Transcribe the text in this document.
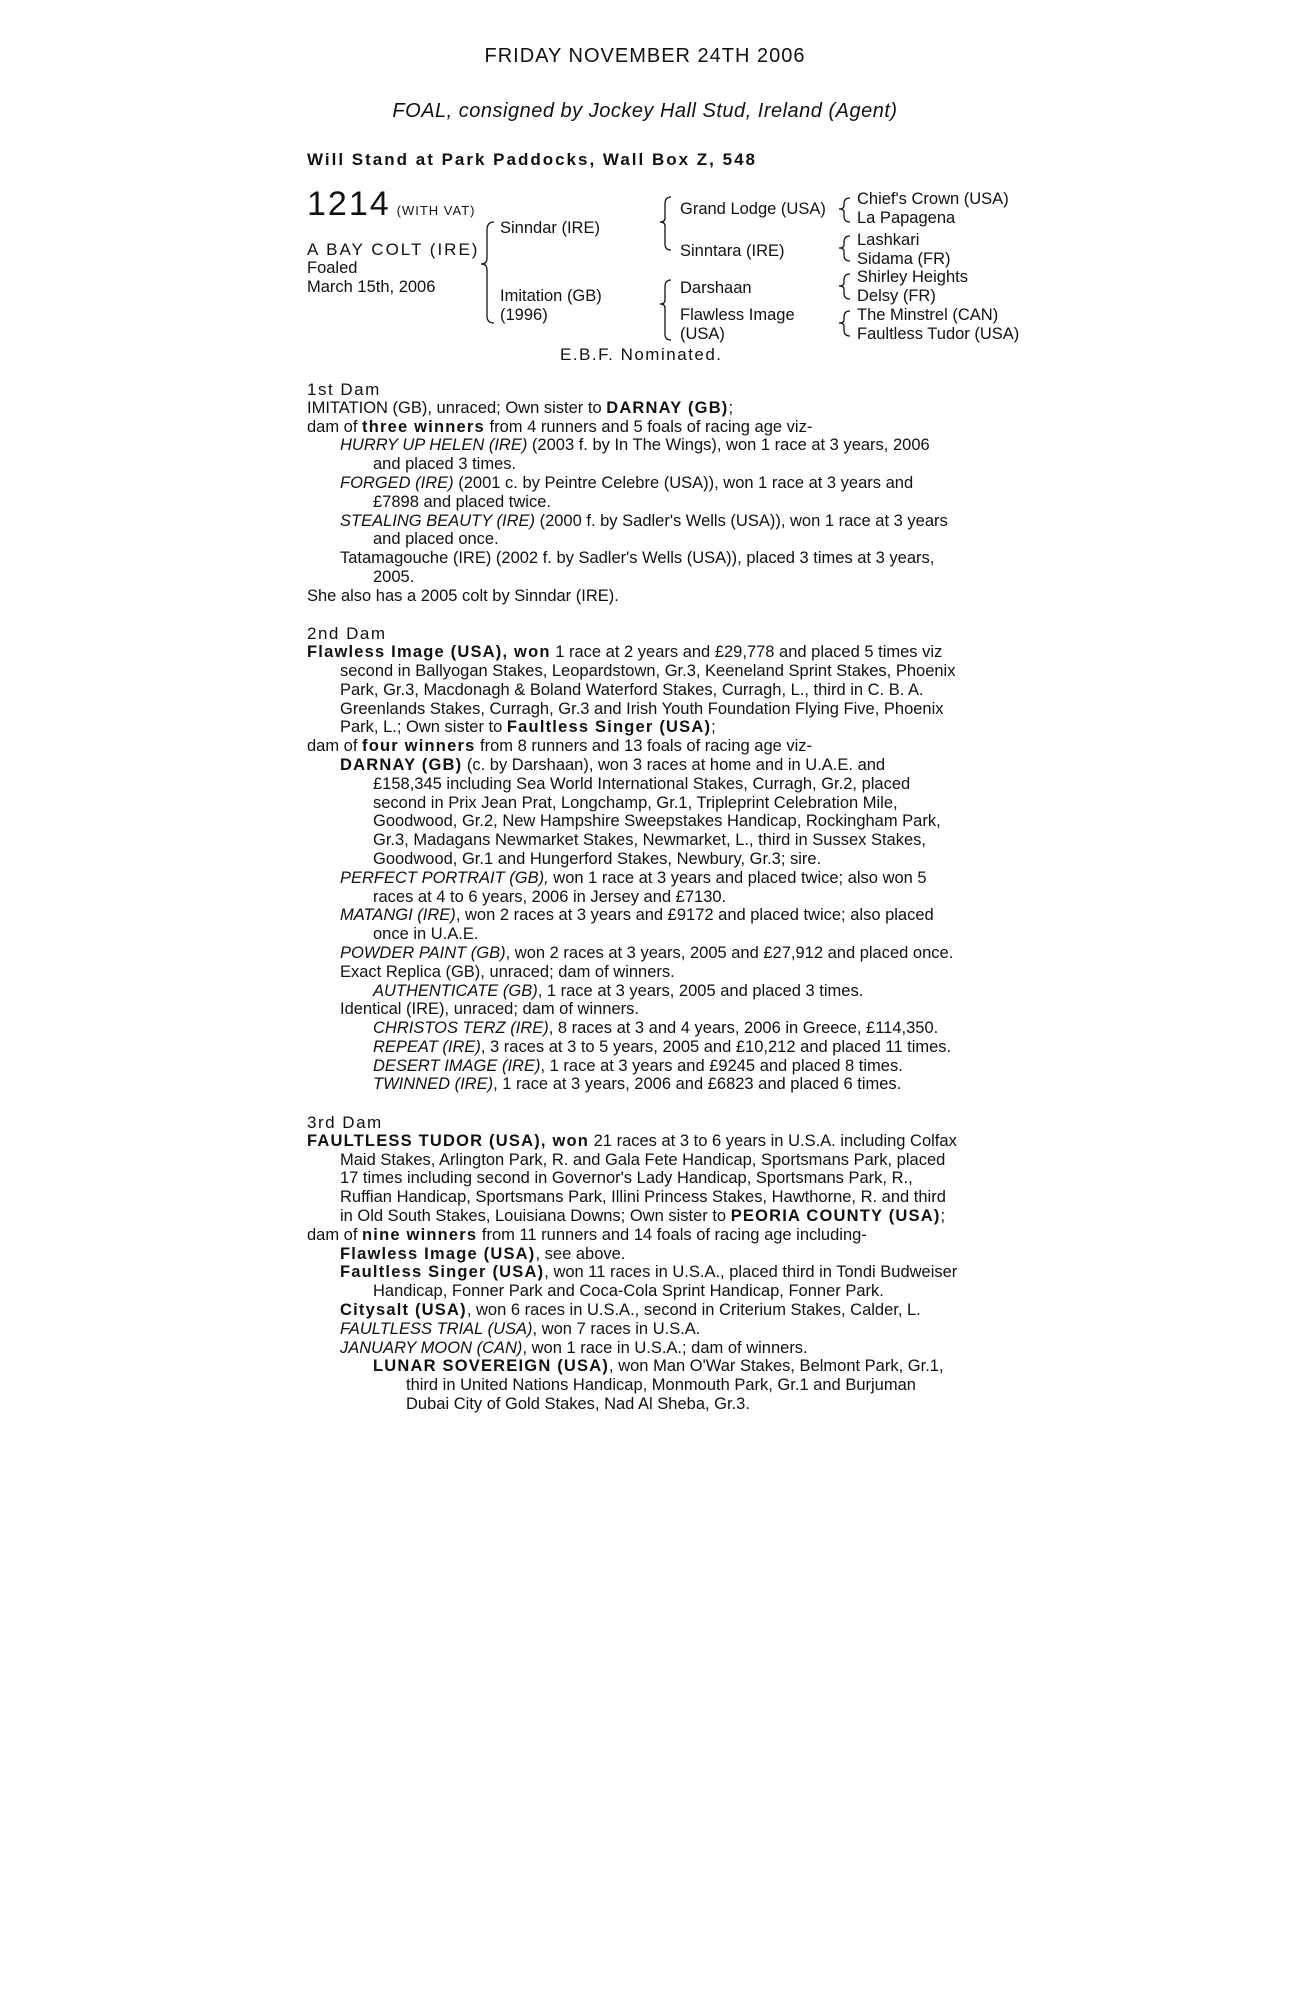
FRIDAY NOVEMBER 24TH 2006
FOAL, consigned by Jockey Hall Stud, Ireland (Agent)
Will Stand at Park Paddocks, Wall Box Z, 548
1214 (WITH VAT)
A BAY COLT (IRE)
Foaled
March 15th, 2006
Sinndar (IRE)
Imitation (GB)
(1996)
Grand Lodge (USA)
Sinntara (IRE)
Darshaan
Flawless Image
(USA)
Chief's Crown (USA)
La Papagena
Lashkari
Sidama (FR)
Shirley Heights
Delsy (FR)
The Minstrel (CAN)
Faultless Tudor (USA)
E.B.F. Nominated.
1st Dam
IMITATION (GB), unraced; Own sister to DARNAY (GB);
dam of three winners from 4 runners and 5 foals of racing age viz-
HURRY UP HELEN (IRE) (2003 f. by In The Wings), won 1 race at 3 years, 2006
and placed 3 times.
FORGED (IRE) (2001 c. by Peintre Celebre (USA)), won 1 race at 3 years and
£7898 and placed twice.
STEALING BEAUTY (IRE) (2000 f. by Sadler's Wells (USA)), won 1 race at 3 years
and placed once.
Tatamagouche (IRE) (2002 f. by Sadler's Wells (USA)), placed 3 times at 3 years,
2005.
She also has a 2005 colt by Sinndar (IRE).
2nd Dam
Flawless Image (USA), won 1 race at 2 years and £29,778 and placed 5 times viz
second in Ballyogan Stakes, Leopardstown, Gr.3, Keeneland Sprint Stakes, Phoenix
Park, Gr.3, Macdonagh & Boland Waterford Stakes, Curragh, L., third in C. B. A.
Greenlands Stakes, Curragh, Gr.3 and Irish Youth Foundation Flying Five, Phoenix
Park, L.; Own sister to Faultless Singer (USA);
dam of four winners from 8 runners and 13 foals of racing age viz-
DARNAY (GB) (c. by Darshaan), won 3 races at home and in U.A.E. and
£158,345 including Sea World International Stakes, Curragh, Gr.2, placed
second in Prix Jean Prat, Longchamp, Gr.1, Tripleprint Celebration Mile,
Goodwood, Gr.2, New Hampshire Sweepstakes Handicap, Rockingham Park,
Gr.3, Madagans Newmarket Stakes, Newmarket, L., third in Sussex Stakes,
Goodwood, Gr.1 and Hungerford Stakes, Newbury, Gr.3; sire.
PERFECT PORTRAIT (GB), won 1 race at 3 years and placed twice; also won 5
races at 4 to 6 years, 2006 in Jersey and £7130.
MATANGI (IRE), won 2 races at 3 years and £9172 and placed twice; also placed
once in U.A.E.
POWDER PAINT (GB), won 2 races at 3 years, 2005 and £27,912 and placed once.
Exact Replica (GB), unraced; dam of winners.
AUTHENTICATE (GB), 1 race at 3 years, 2005 and placed 3 times.
Identical (IRE), unraced; dam of winners.
CHRISTOS TERZ (IRE), 8 races at 3 and 4 years, 2006 in Greece, £114,350.
REPEAT (IRE), 3 races at 3 to 5 years, 2005 and £10,212 and placed 11 times.
DESERT IMAGE (IRE), 1 race at 3 years and £9245 and placed 8 times.
TWINNED (IRE), 1 race at 3 years, 2006 and £6823 and placed 6 times.
3rd Dam
FAULTLESS TUDOR (USA), won 21 races at 3 to 6 years in U.S.A. including Colfax
Maid Stakes, Arlington Park, R. and Gala Fete Handicap, Sportsmans Park, placed
17 times including second in Governor's Lady Handicap, Sportsmans Park, R.,
Ruffian Handicap, Sportsmans Park, Illini Princess Stakes, Hawthorne, R. and third
in Old South Stakes, Louisiana Downs; Own sister to PEORIA COUNTY (USA);
dam of nine winners from 11 runners and 14 foals of racing age including-
Flawless Image (USA), see above.
Faultless Singer (USA), won 11 races in U.S.A., placed third in Tondi Budweiser
Handicap, Fonner Park and Coca-Cola Sprint Handicap, Fonner Park.
Citysalt (USA), won 6 races in U.S.A., second in Criterium Stakes, Calder, L.
FAULTLESS TRIAL (USA), won 7 races in U.S.A.
JANUARY MOON (CAN), won 1 race in U.S.A.; dam of winners.
LUNAR SOVEREIGN (USA), won Man O'War Stakes, Belmont Park, Gr.1,
third in United Nations Handicap, Monmouth Park, Gr.1 and Burjuman
Dubai City of Gold Stakes, Nad Al Sheba, Gr.3.
